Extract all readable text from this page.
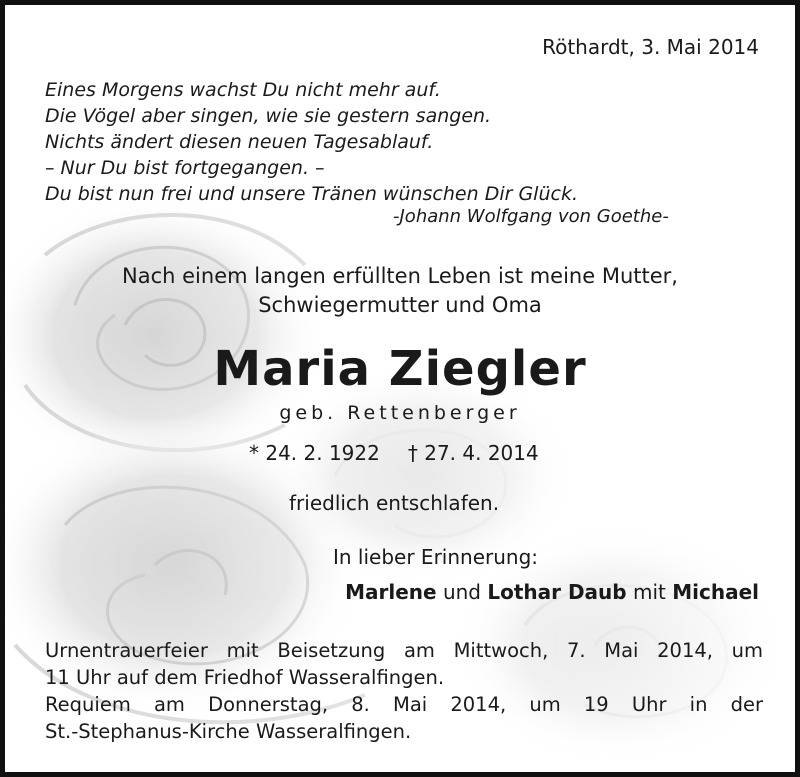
Röthardt, 3. Mai 2014
Eines Morgens wachst Du nicht mehr auf.
Die Vögel aber singen, wie sie gestern sangen.
Nichts ändert diesen neuen Tagesablauf.
– Nur Du bist fortgegangen. –
Du bist nun frei und unsere Tränen wünschen Dir Glück.
-Johann Wolfgang von Goethe-
Nach einem langen erfüllten Leben ist meine Mutter,
Schwiegermutter und Oma
Maria Ziegler
geb. Rettenberger
* 24. 2. 1922 † 27. 4. 2014
friedlich entschlafen.
In lieber Erinnerung:
Marlene und Lothar Daub mit Michael

Urnentrauerfeier mit Beisetzung am Mittwoch, 7. Mai 2014, um

11 Uhr auf dem Friedhof Wasseralfingen.

Requiem am Donnerstag, 8. Mai 2014, um 19 Uhr in der

St.-Stephanus-Kirche Wasseralfingen.
